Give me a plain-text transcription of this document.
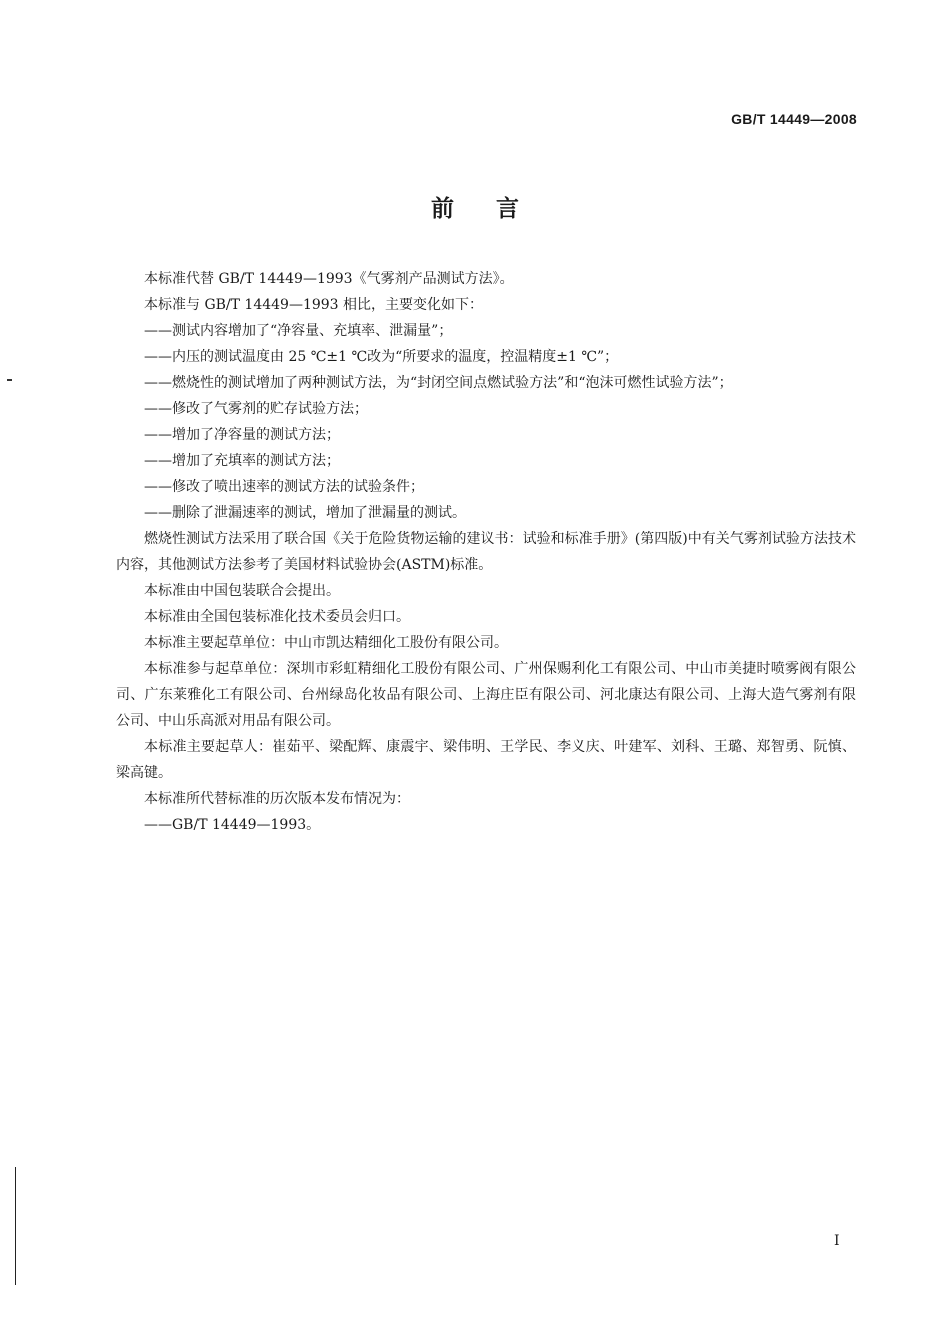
GB/T 14449—2008
前言

本标准代替 GB/T 14449—1993《气雾剂产品测试方法》。

本标准与 GB/T 14449—1993 相比，主要变化如下：

——测试内容增加了“净容量、充填率、泄漏量”；

——内压的测试温度由 25 ℃±1 ℃改为“所要求的温度，控温精度±1 ℃”；

——燃烧性的测试增加了两种测试方法，为“封闭空间点燃试验方法”和“泡沫可燃性试验方法”；

——修改了气雾剂的贮存试验方法；

——增加了净容量的测试方法；

——增加了充填率的测试方法；

——修改了喷出速率的测试方法的试验条件；

——删除了泄漏速率的测试，增加了泄漏量的测试。

燃烧性测试方法采用了联合国《关于危险货物运输的建议书：试验和标准手册》(第四版)中有关气雾剂试验方法技术内容，其他测试方法参考了美国材料试验协会(ASTM)标准。

本标准由中国包装联合会提出。

本标准由全国包装标准化技术委员会归口。

本标准主要起草单位：中山市凯达精细化工股份有限公司。

本标准参与起草单位：深圳市彩虹精细化工股份有限公司、广州保赐利化工有限公司、中山市美捷时喷雾阀有限公司、广东莱雅化工有限公司、台州绿岛化妆品有限公司、上海庄臣有限公司、河北康达有限公司、上海大造气雾剂有限公司、中山乐高派对用品有限公司。

本标准主要起草人：崔茹平、梁配辉、康震宇、梁伟明、王学民、李义庆、叶建军、刘科、王璐、郑智勇、阮慎、梁高键。

本标准所代替标准的历次版本发布情况为：

——GB/T 14449—1993。

I
